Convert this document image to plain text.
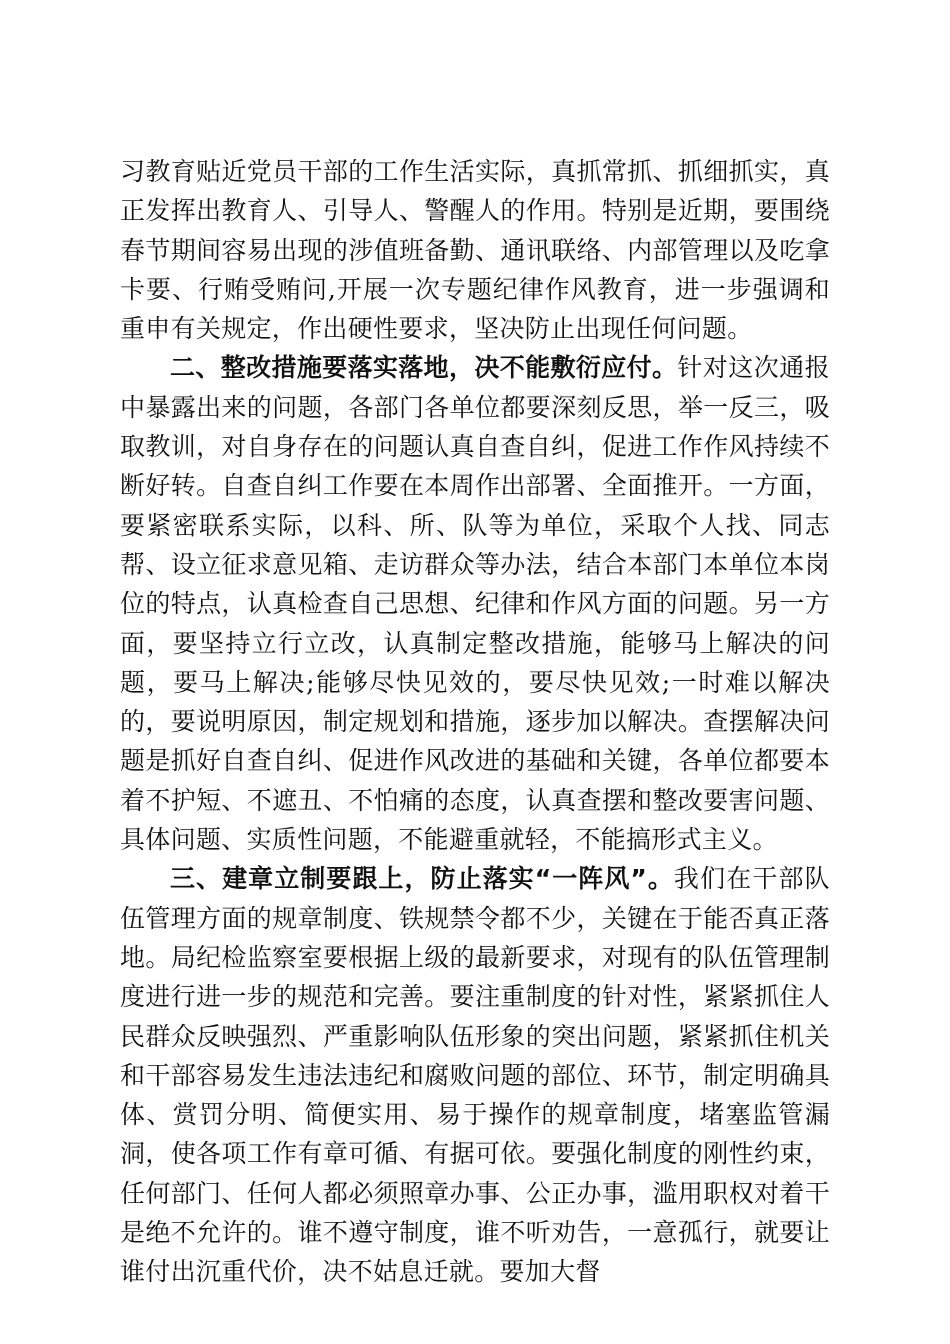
习教育贴近党员干部的工作生活实际，真抓常抓、抓细抓实，真正发挥出教育人、引导人、警醒人的作用。特别是近期，要围绕春节期间容易出现的涉值班备勤、通讯联络、内部管理以及吃拿卡要、行贿受贿问,开展一次专题纪律作风教育，进一步强调和重申有关规定，作出硬性要求，坚决防止出现任何问题。

二、整改措施要落实落地，决不能敷衍应付。针对这次通报中暴露出来的问题，各部门各单位都要深刻反思，举一反三，吸取教训，对自身存在的问题认真自查自纠，促进工作作风持续不断好转。自查自纠工作要在本周作出部署、全面推开。一方面，要紧密联系实际，以科、所、队等为单位，采取个人找、同志帮、设立征求意见箱、走访群众等办法，结合本部门本单位本岗位的特点，认真检查自己思想、纪律和作风方面的问题。另一方面，要坚持立行立改，认真制定整改措施，能够马上解决的问题，要马上解决;能够尽快见效的，要尽快见效;一时难以解决的，要说明原因，制定规划和措施，逐步加以解决。查摆解决问题是抓好自查自纠、促进作风改进的基础和关键，各单位都要本着不护短、不遮丑、不怕痛的态度，认真查摆和整改要害问题、具体问题、实质性问题，不能避重就轻，不能搞形式主义。

三、建章立制要跟上，防止落实“一阵风”。我们在干部队伍管理方面的规章制度、铁规禁令都不少，关键在于能否真正落地。局纪检监察室要根据上级的最新要求，对现有的队伍管理制度进行进一步的规范和完善。要注重制度的针对性，紧紧抓住人民群众反映强烈、严重影响队伍形象的突出问题，紧紧抓住机关和干部容易发生违法违纪和腐败问题的部位、环节，制定明确具体、赏罚分明、简便实用、易于操作的规章制度，堵塞监管漏洞，使各项工作有章可循、有据可依。要强化制度的刚性约束，任何部门、任何人都必须照章办事、公正办事，滥用职权对着干是绝不允许的。谁不遵守制度，谁不听劝告，一意孤行，就要让谁付出沉重代价，决不姑息迁就。要加大督
